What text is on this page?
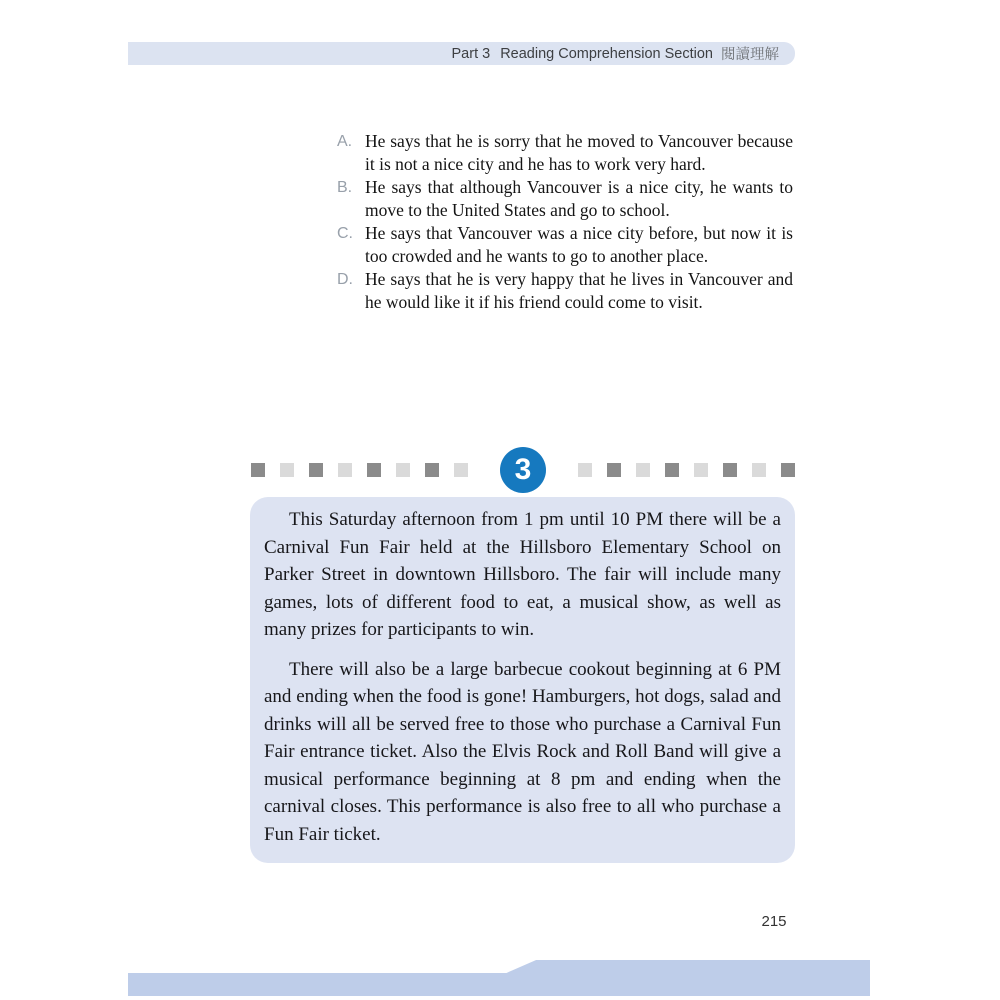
Part 3 Reading Comprehension Section 閱讀理解
A. He says that he is sorry that he moved to Vancouver because it is not a nice city and he has to work very hard.
B. He says that although Vancouver is a nice city, he wants to move to the United States and go to school.
C. He says that Vancouver was a nice city before, but now it is too crowded and he wants to go to another place.
D. He says that he is very happy that he lives in Vancouver and he would like it if his friend could come to visit.
3

This Saturday afternoon from 1 pm until 10 PM there will be a Carnival Fun Fair held at the Hillsboro Elementary School on Parker Street in downtown Hillsboro. The fair will include many games, lots of different food to eat, a musical show, as well as many prizes for participants to win.

There will also be a large barbecue cookout beginning at 6 PM and ending when the food is gone! Hamburgers, hot dogs, salad and drinks will all be served free to those who purchase a Carnival Fun Fair entrance ticket. Also the Elvis Rock and Roll Band will give a musical performance beginning at 8 pm and ending when the carnival closes. This performance is also free to all who purchase a Fun Fair ticket.

215
